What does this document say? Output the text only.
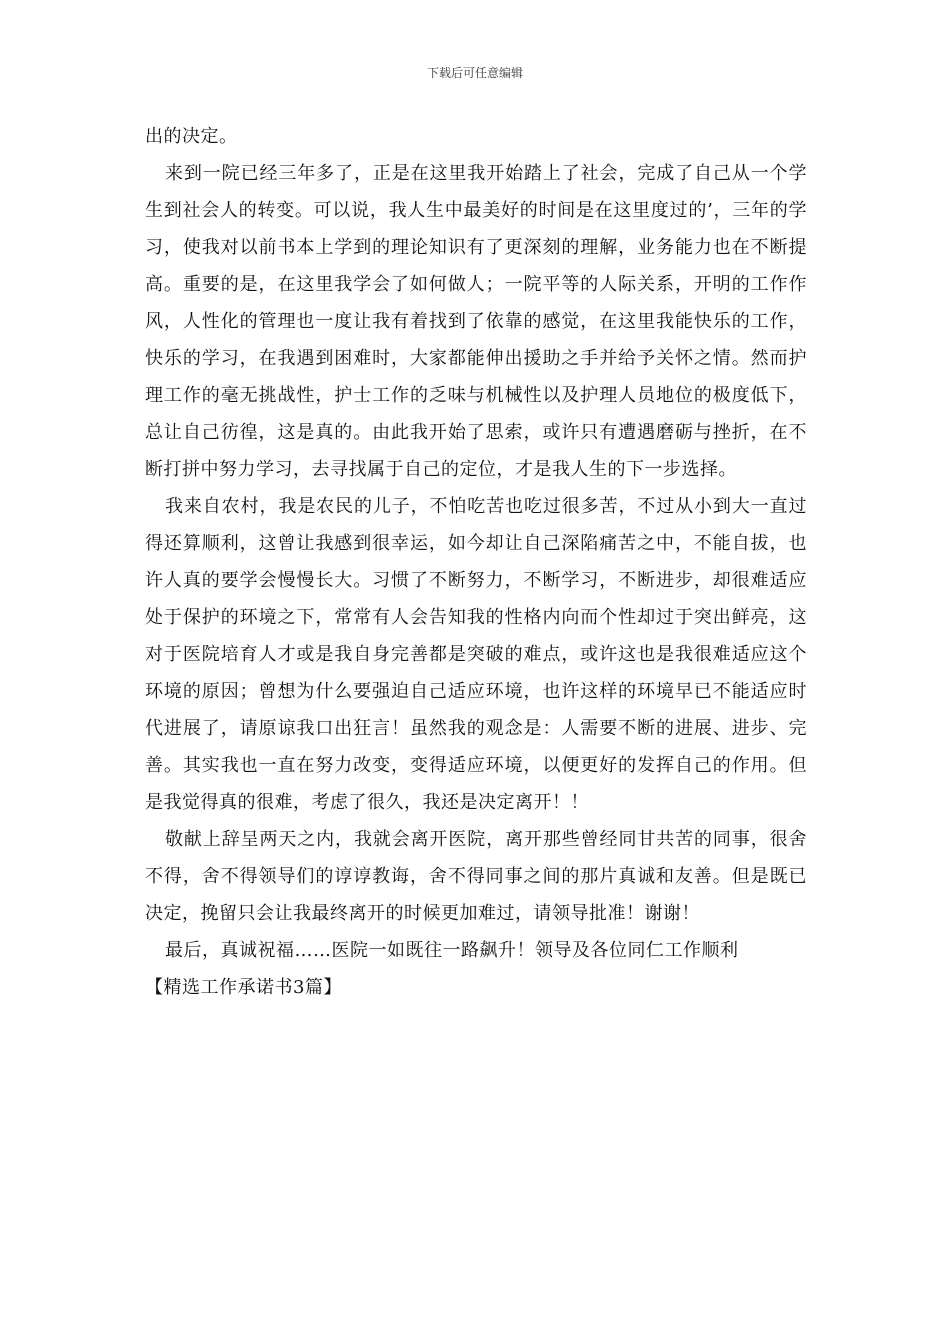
下载后可任意编辑

出的决定。

来到一院已经三年多了，正是在这里我开始踏上了社会，完成了自己从一个学生到社会人的转变。可以说，我人生中最美好的时间是在这里度过的’，三年的学习，使我对以前书本上学到的理论知识有了更深刻的理解，业务能力也在不断提高。重要的是，在这里我学会了如何做人；一院平等的人际关系，开明的工作作风，人性化的管理也一度让我有着找到了依靠的感觉，在这里我能快乐的工作，快乐的学习，在我遇到困难时，大家都能伸出援助之手并给予关怀之情。然而护理工作的毫无挑战性，护士工作的乏味与机械性以及护理人员地位的极度低下，总让自己彷徨，这是真的。由此我开始了思索，或许只有遭遇磨砺与挫折，在不断打拼中努力学习，去寻找属于自己的定位，才是我人生的下一步选择。

我来自农村，我是农民的儿子，不怕吃苦也吃过很多苦，不过从小到大一直过得还算顺利，这曾让我感到很幸运，如今却让自己深陷痛苦之中，不能自拔，也许人真的要学会慢慢长大。习惯了不断努力，不断学习，不断进步，却很难适应处于保护的环境之下，常常有人会告知我的性格内向而个性却过于突出鲜亮，这对于医院培育人才或是我自身完善都是突破的难点，或许这也是我很难适应这个环境的原因；曾想为什么要强迫自己适应环境，也许这样的环境早已不能适应时代进展了，请原谅我口出狂言！虽然我的观念是：人需要不断的进展、进步、完善。其实我也一直在努力改变，变得适应环境，以便更好的发挥自己的作用。但是我觉得真的很难，考虑了很久，我还是决定离开！！

敬献上辞呈两天之内，我就会离开医院，离开那些曾经同甘共苦的同事，很舍不得，舍不得领导们的谆谆教诲，舍不得同事之间的那片真诚和友善。但是既已决定，挽留只会让我最终离开的时候更加难过，请领导批准！谢谢！

最后，真诚祝福……医院一如既往一路飙升！领导及各位同仁工作顺利

【精选工作承诺书3篇】
